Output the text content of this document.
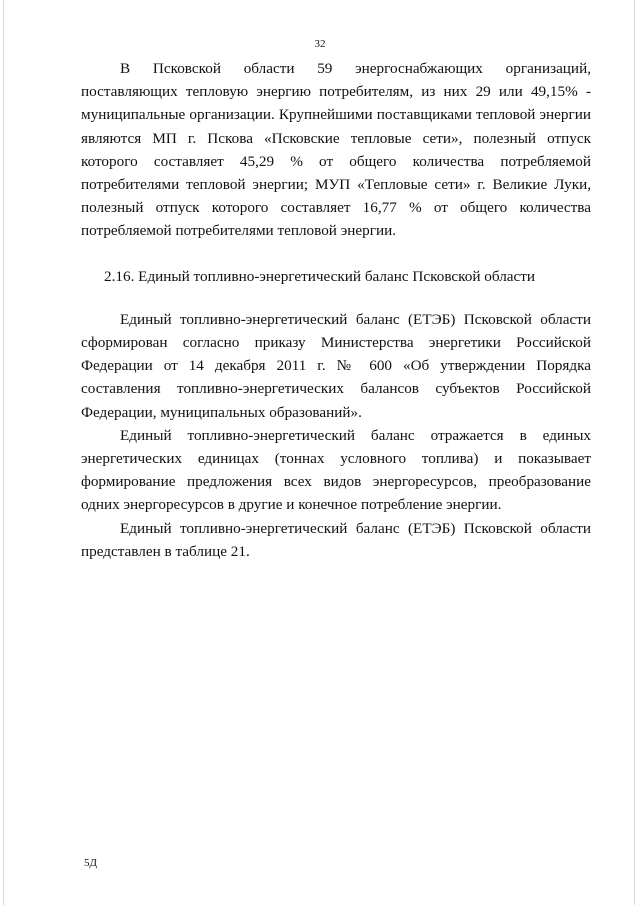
32

В Псковской области 59 энергоснабжающих организаций, поставляющих тепловую энергию потребителям, из них 29 или 49,15% - муниципальные организации. Крупнейшими поставщиками тепловой энергии являются МП г. Пскова «Псковские тепловые сети», полезный отпуск которого составляет 45,29 % от общего количества потребляемой потребителями тепловой энергии; МУП «Тепловые сети» г. Великие Луки, полезный отпуск которого составляет 16,77 % от общего количества потребляемой потребителями тепловой энергии.

2.16. Единый топливно-энергетический баланс Псковской области

Единый топливно-энергетический баланс (ЕТЭБ) Псковской области сформирован согласно приказу Министерства энергетики Российской Федерации от 14 декабря 2011 г. № 600 «Об утверждении Порядка составления топливно-энергетических балансов субъектов Российской Федерации, муниципальных образований».

Единый топливно-энергетический баланс отражается в единых энергетических единицах (тоннах условного топлива) и показывает формирование предложения всех видов энергоресурсов, преобразование одних энергоресурсов в другие и конечное потребление энергии.

Единый топливно-энергетический баланс (ЕТЭБ) Псковской области представлен в таблице 21.

5Д
